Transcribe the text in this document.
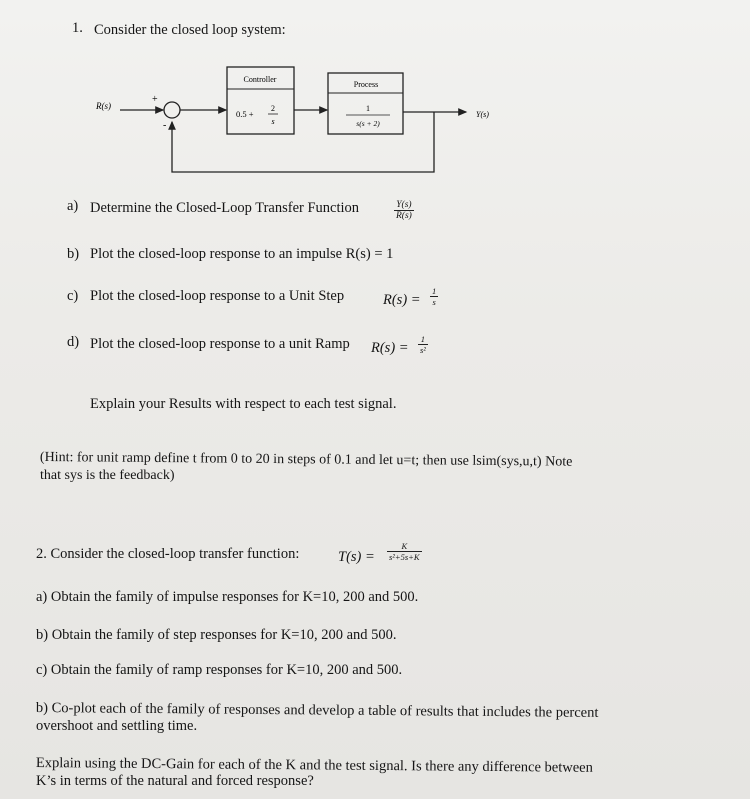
1. Consider the closed loop system:
R(s)
+
-
Controller
0.5 +
2
s
Process
1
s(s + 2)
Y(s)
a) Determine the Closed-Loop Transfer Function	$\frac{Y(s)}{R(s)}$
b) Plot the closed-loop response to an impulse R(s) = 1
c) Plot the closed-loop response to a Unit Step	$R(s) = \frac{1}{s}$
d) Plot the closed-loop response to a unit Ramp $R(s) = \frac{1}{\text{s²}}$
Explain your Results with respect to each test signal.
(Hint: for unit ramp define t from 0 to 20 in steps of 0.1 and let u=t; then use lsim(sys,u,t) Note
that sys is the feedback)
2. Consider the closed-loop transfer function:	$T(s) = \frac{K}{\text{s²+5s+K}}$
a) Obtain the family of impulse responses for K=10, 200 and 500.
b) Obtain the family of step responses for K=10, 200 and 500.
c) Obtain the family of ramp responses for K=10, 200 and 500.
b) Co-plot each of the family of responses and develop a table of results that includes the percent
overshoot and settling time.
Explain using the DC-Gain for each of the K and the test signal. Is there any difference between
K’s in terms of the natural and forced response?
